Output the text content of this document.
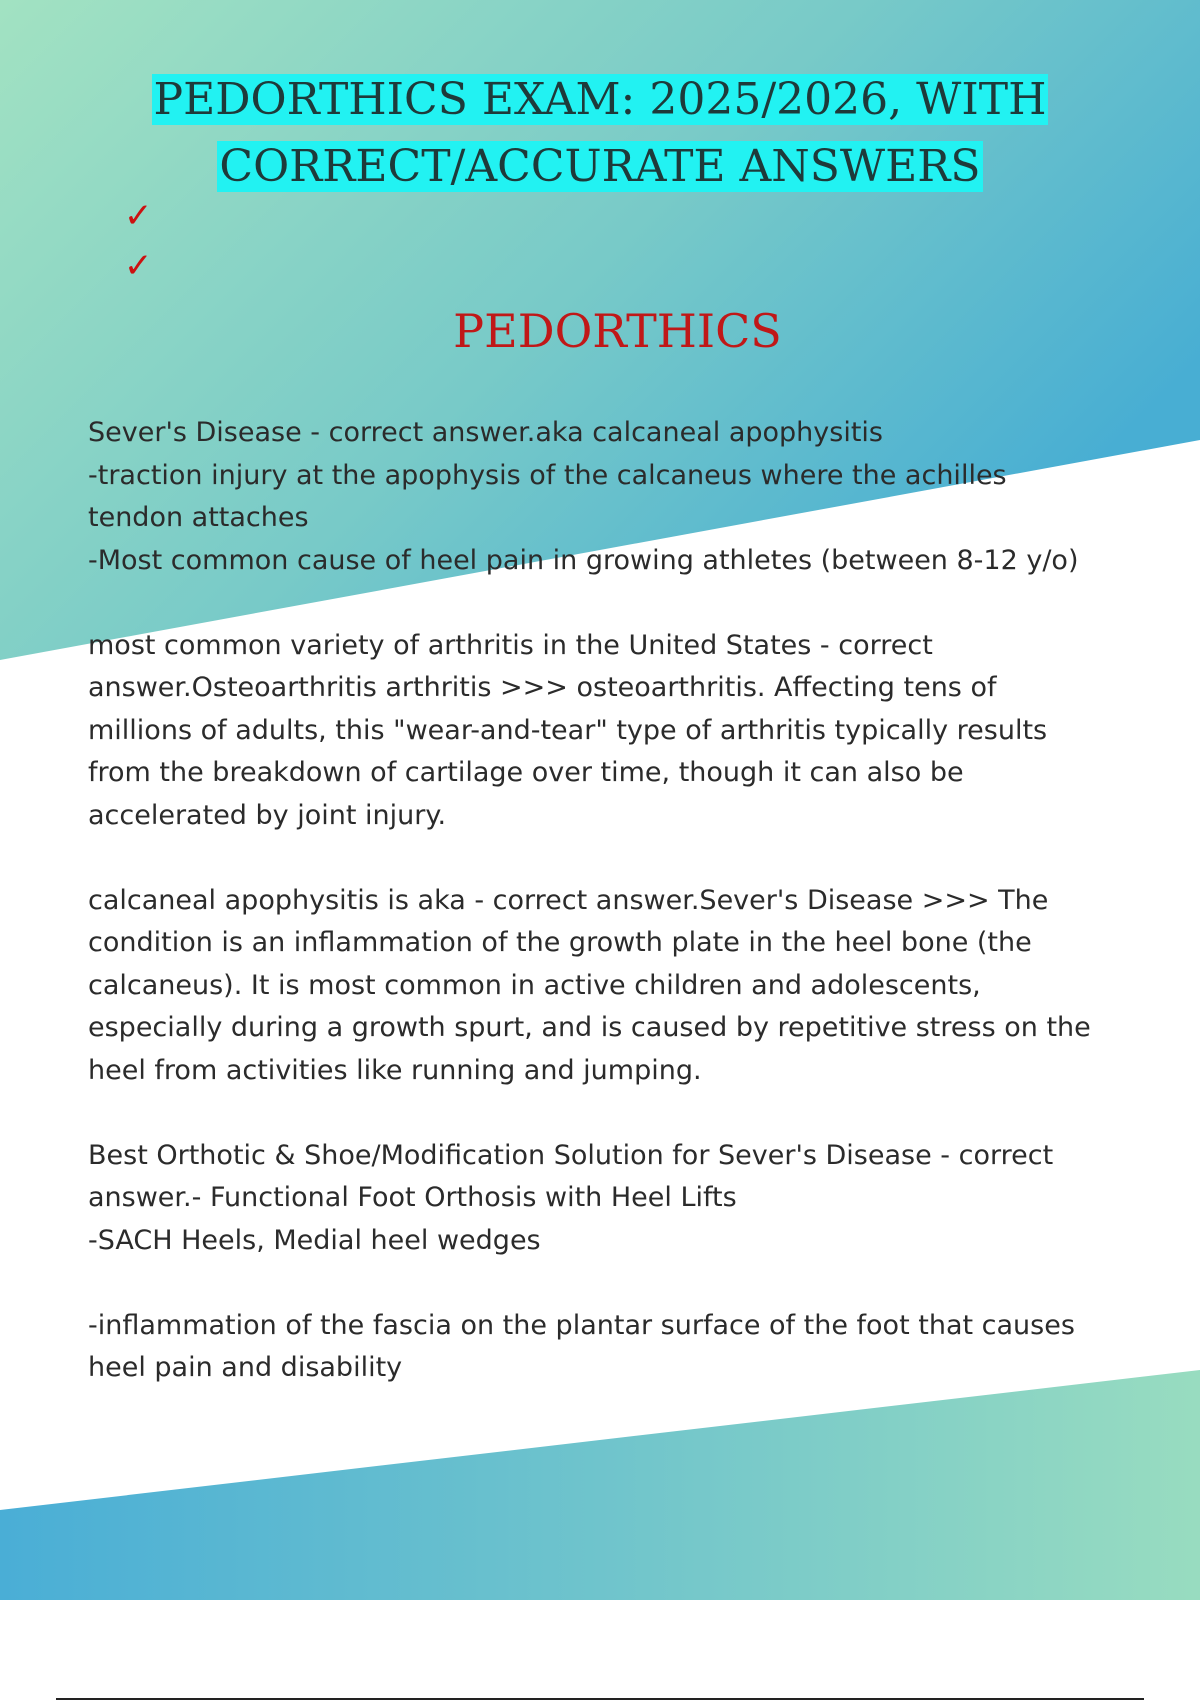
PEDORTHICS EXAM: 2025/2026, WITH
CORRECT/ACCURATE ANSWERS
✓
✓
PEDORTHICS

Sever's Disease - correct answer.aka calcaneal apophysitis
-traction injury at the apophysis of the calcaneus where the achilles
tendon attaches
-Most common cause of heel pain in growing athletes (between 8-12 y/o)

most common variety of arthritis in the United States - correct
answer.Osteoarthritis arthritis >>> osteoarthritis. Affecting tens of
millions of adults, this "wear-and-tear" type of arthritis typically results
from the breakdown of cartilage over time, though it can also be
accelerated by joint injury.

calcaneal apophysitis is aka - correct answer.Sever's Disease >>> The
condition is an inflammation of the growth plate in the heel bone (the
calcaneus). It is most common in active children and adolescents,
especially during a growth spurt, and is caused by repetitive stress on the
heel from activities like running and jumping.

Best Orthotic & Shoe/Modification Solution for Sever's Disease - correct
answer.- Functional Foot Orthosis with Heel Lifts
-SACH Heels, Medial heel wedges

-inflammation of the fascia on the plantar surface of the foot that causes
heel pain and disability
